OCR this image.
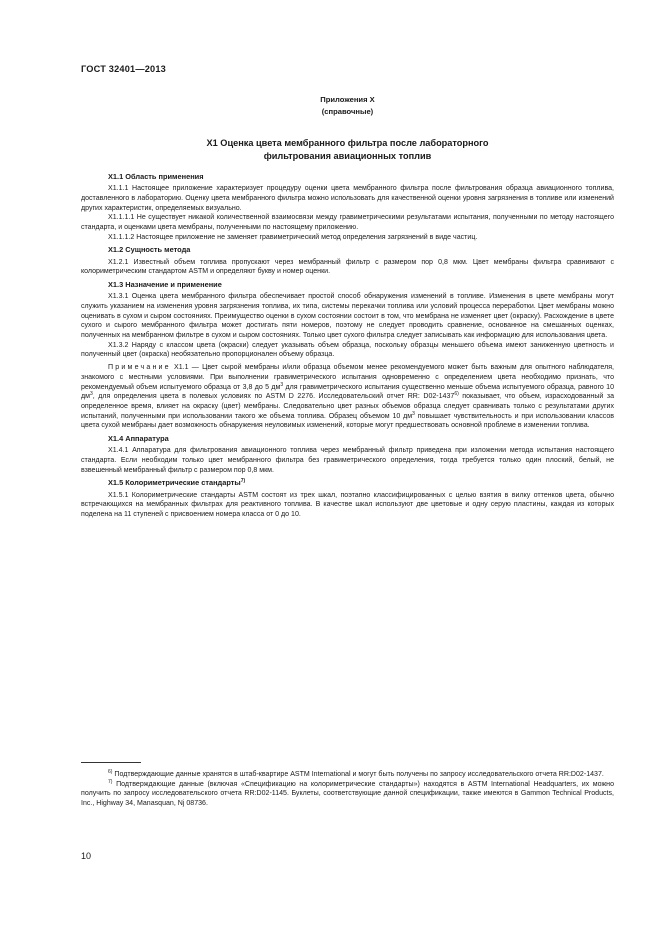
ГОСТ 32401—2013
Приложения X
(справочные)
X1 Оценка цвета мембранного фильтра после лабораторного
фильтрования авиационных топлив
X1.1 Область применения

X1.1.1 Настоящее приложение характеризует процедуру оценки цвета мембранного фильтра после фильтрования образца авиационного топлива, доставленного в лабораторию. Оценку цвета мембранного фильтра можно использовать для качественной оценки уровня загрязнения в топливе или изменений других характеристик, определяемых визуально.

X1.1.1.1 Не существует никакой количественной взаимосвязи между гравиметрическими результатами испытания, полученными по методу настоящего стандарта, и оценками цвета мембраны, полученными по настоящему приложению.

X1.1.1.2 Настоящее приложение не заменяет гравиметрический метод определения загрязнений в виде частиц.

X1.2 Сущность метода

X1.2.1 Известный объем топлива пропускают через мембранный фильтр с размером пор 0,8 мкм. Цвет мембраны фильтра сравнивают с колориметрическим стандартом ASTM и определяют букву и номер оценки.

X1.3 Назначение и применение

X1.3.1 Оценка цвета мембранного фильтра обеспечивает простой способ обнаружения изменений в топливе. Изменения в цвете мембраны могут служить указанием на изменения уровня загрязнения топлива, их типа, системы перекачки топлива или условий процесса переработки. Цвет мембраны можно оценивать в сухом и сыром состояниях. Преимущество оценки в сухом состоянии состоит в том, что мембрана не изменяет цвет (окраску). Расхождение в цвете сухого и сырого мембранного фильтра может достигать пяти номеров, поэтому не следует проводить сравнение, основанное на смешанных оценках, полученных на мембранном фильтре в сухом и сыром состояниях. Только цвет сухого фильтра следует записывать как информацию для использования цвета.

X1.3.2 Наряду с классом цвета (окраски) следует указывать объем образца, поскольку образцы меньшего объема имеют заниженную цветность и полученный цвет (окраска) необязательно пропорционален объему образца.

Примечание X1.1 — Цвет сырой мембраны и/или образца объемом менее рекомендуемого может быть важным для опытного наблюдателя, знакомого с местными условиями. При выполнении гравиметрического испытания одновременно с определением цвета необходимо признать, что рекомендуемый объем испытуемого образца от 3,8 до 5 $дм^3$ для гравиметрического испытания существенно меньше объема испытуемого образца, равного 10 $дм^3$, для определения цвета в полевых условиях по ASTM D 2276. Исследовательский отчет RR: D02-1437$^{6)}$ показывает, что объем, израсходованный за определенное время, влияет на окраску (цвет) мембраны. Следовательно цвет разных объемов образца следует сравнивать только с результатами других испытаний, полученными при использовании такого же объема топлива. Образец объемом 10 $дм^3$ повышает чувствительность и при использовании классов цвета сухой мембраны дает возможность обнаружения неуловимых изменений, которые могут предшествовать основной проблеме в изменении топлива.

X1.4 Аппаратура

X1.4.1 Аппаратура для фильтрования авиационного топлива через мембранный фильтр приведена при изложении метода испытания настоящего стандарта. Если необходим только цвет мембранного фильтра без гравиметрического определения, тогда требуется только один плоский, белый, не взвешенный мембранный фильтр с размером пор 0,8 мкм.

X1.5 Колориметрические стандарты$^{7)}$

X1.5.1 Колориметрические стандарты ASTM состоят из трех шкал, поэтапно классифицированных с целью взятия в вилку оттенков цвета, обычно встречающихся на мембранных фильтрах для реактивного топлива. В качестве шкал используют две цветовые и одну серую пластины, каждая из которых поделена на 11 ступеней с присвоением номера класса от 0 до 10.

$^{6)}$ Подтверждающие данные хранятся в штаб-квартире ASTM International и могут быть получены по запросу исследовательского отчета RR:D02-1437.

$^{7)}$ Подтверждающие данные (включая «Спецификацию на колориметрические стандарты») находятся в ASTM International Headquarters, их можно получить по запросу исследовательского отчета RR:D02-1145. Буклеты, соответствующие данной спецификации, также имеются в Gammon Technical Products, Inc., Highway 34, Manasquan, Nj 08736.

10
